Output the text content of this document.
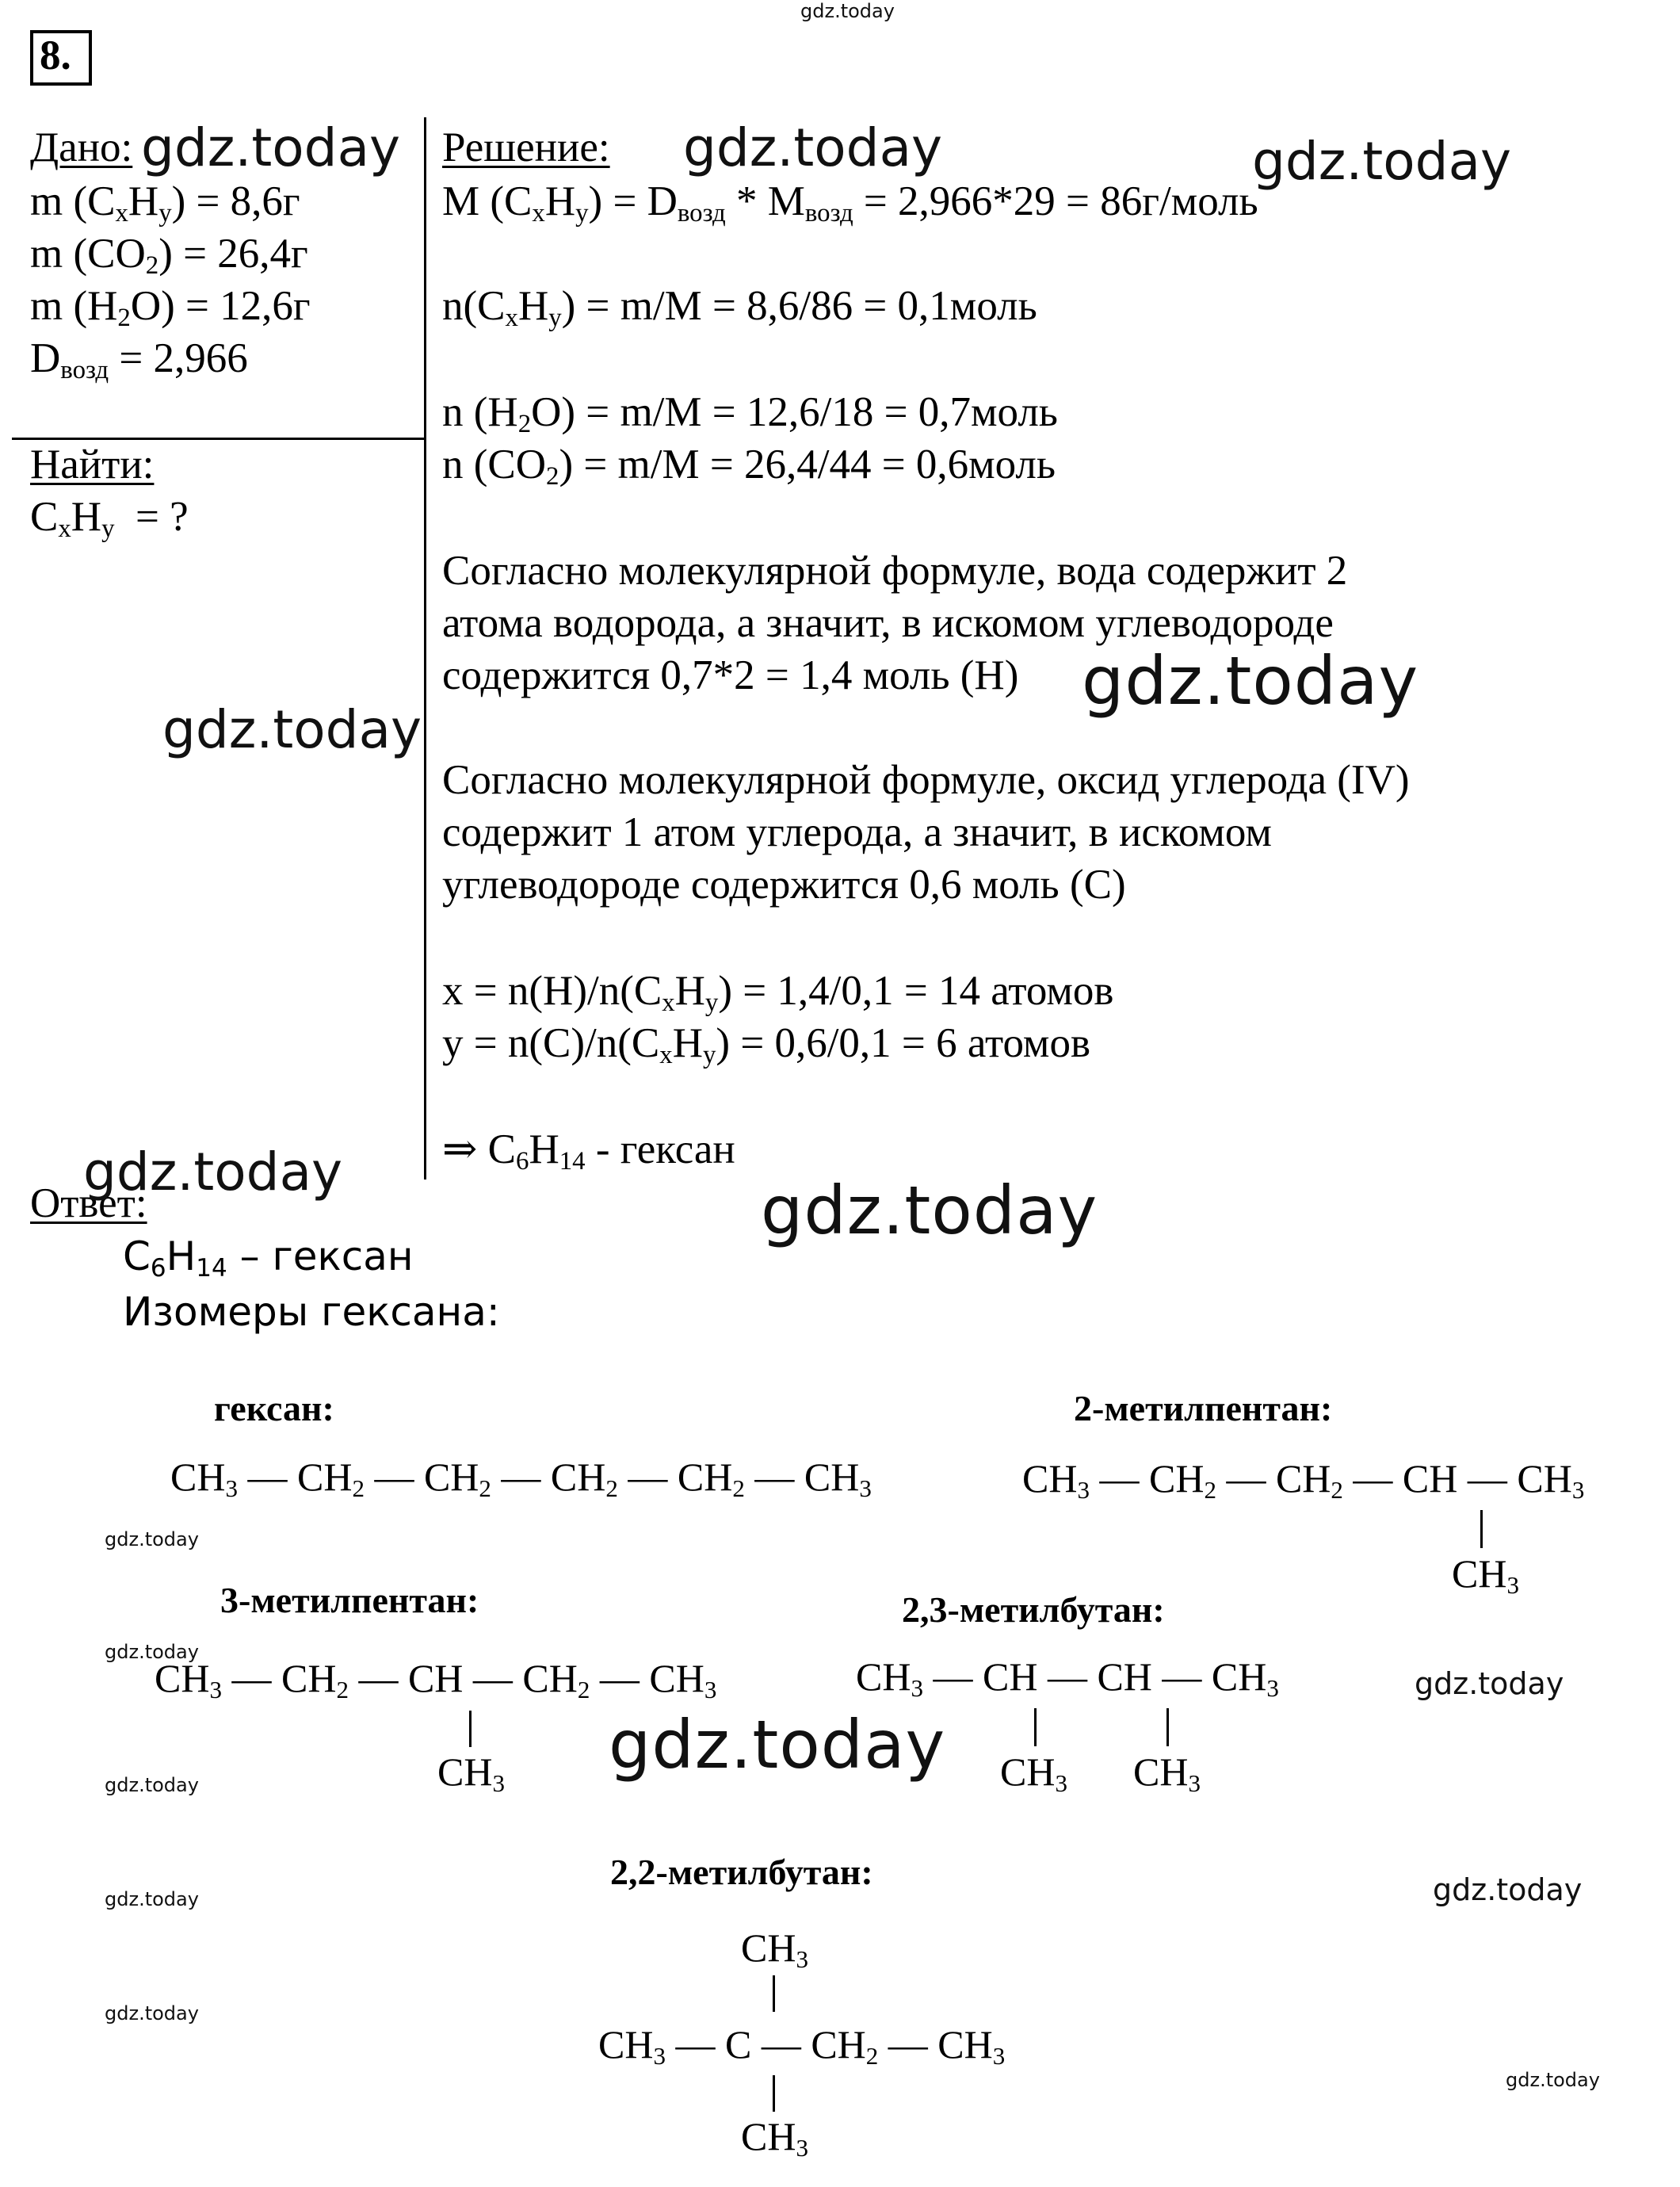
gdz.today
8.
Дано:
m $(C_xH_y) = 8,6г$
m $(CO_2) = 26,4г$
m $(H_2O) = 12,6г$
$D_{возд} = 2,966$
Найти:
$C_xH_y$  = ?
Решение:
M $(C_xH_y) = D_{возд} * M_{возд} = 2,966*29$ = 86г/моль
$n(C_xH_y) = m/M = 8,6/86$ = 0,1моль
n $(H_2O) = m/M = 12,6/18$ = 0,7моль
n $(CO_2) = m/M = 26,4/44$ = 0,6моль
Согласно молекулярной формуле, вода содержит 2
атома водорода, а значит, в искомом углеводороде
содержится 0,7*2 = 1,4 моль (H)
Согласно молекулярной формуле, оксид углерода (IV)
содержит 1 атом углерода, а значит, в искомом
углеводороде содержится 0,6 моль (C)
$x = n(H)/n(C_xH_y) = 1,4/0,1 = 14$ атомов
$y = n(C)/n(C_xH_y) = 0,6/0,1 = 6$ атомов
⇒ $C_6H_{14}$ - гексан
Ответ:
$C_6H_{14}$ – гексан
Изомеры гексана:
гексан:
$CH_3$ — $CH_2$ — $CH_2$ — $CH_2$ — $CH_2$ — $CH_3$
2-метилпентан:
$CH_3$ — $CH_2$ — $CH_2$ — CH — $CH_3$
$CH_3$
3-метилпентан:
$CH_3$ — $CH_2$ — CH — $CH_2$ — $CH_3$
$CH_3$
2,3-метилбутан:
$CH_3$ — CH — CH — $CH_3$
$CH_3$ $CH_3$
2,2-метилбутан:
$CH_3$
$CH_3$ — C — $CH_2$ — $CH_3$
$CH_3$
gdz.today	gdz.today	gdz.today
gdz.today
gdz.today
gdz.today	gdz.today
gdz.today
gdz.today
gdz.today
gdz.today
gdz.today
gdz.today
gdz.today
gdz.today
gdz.today
